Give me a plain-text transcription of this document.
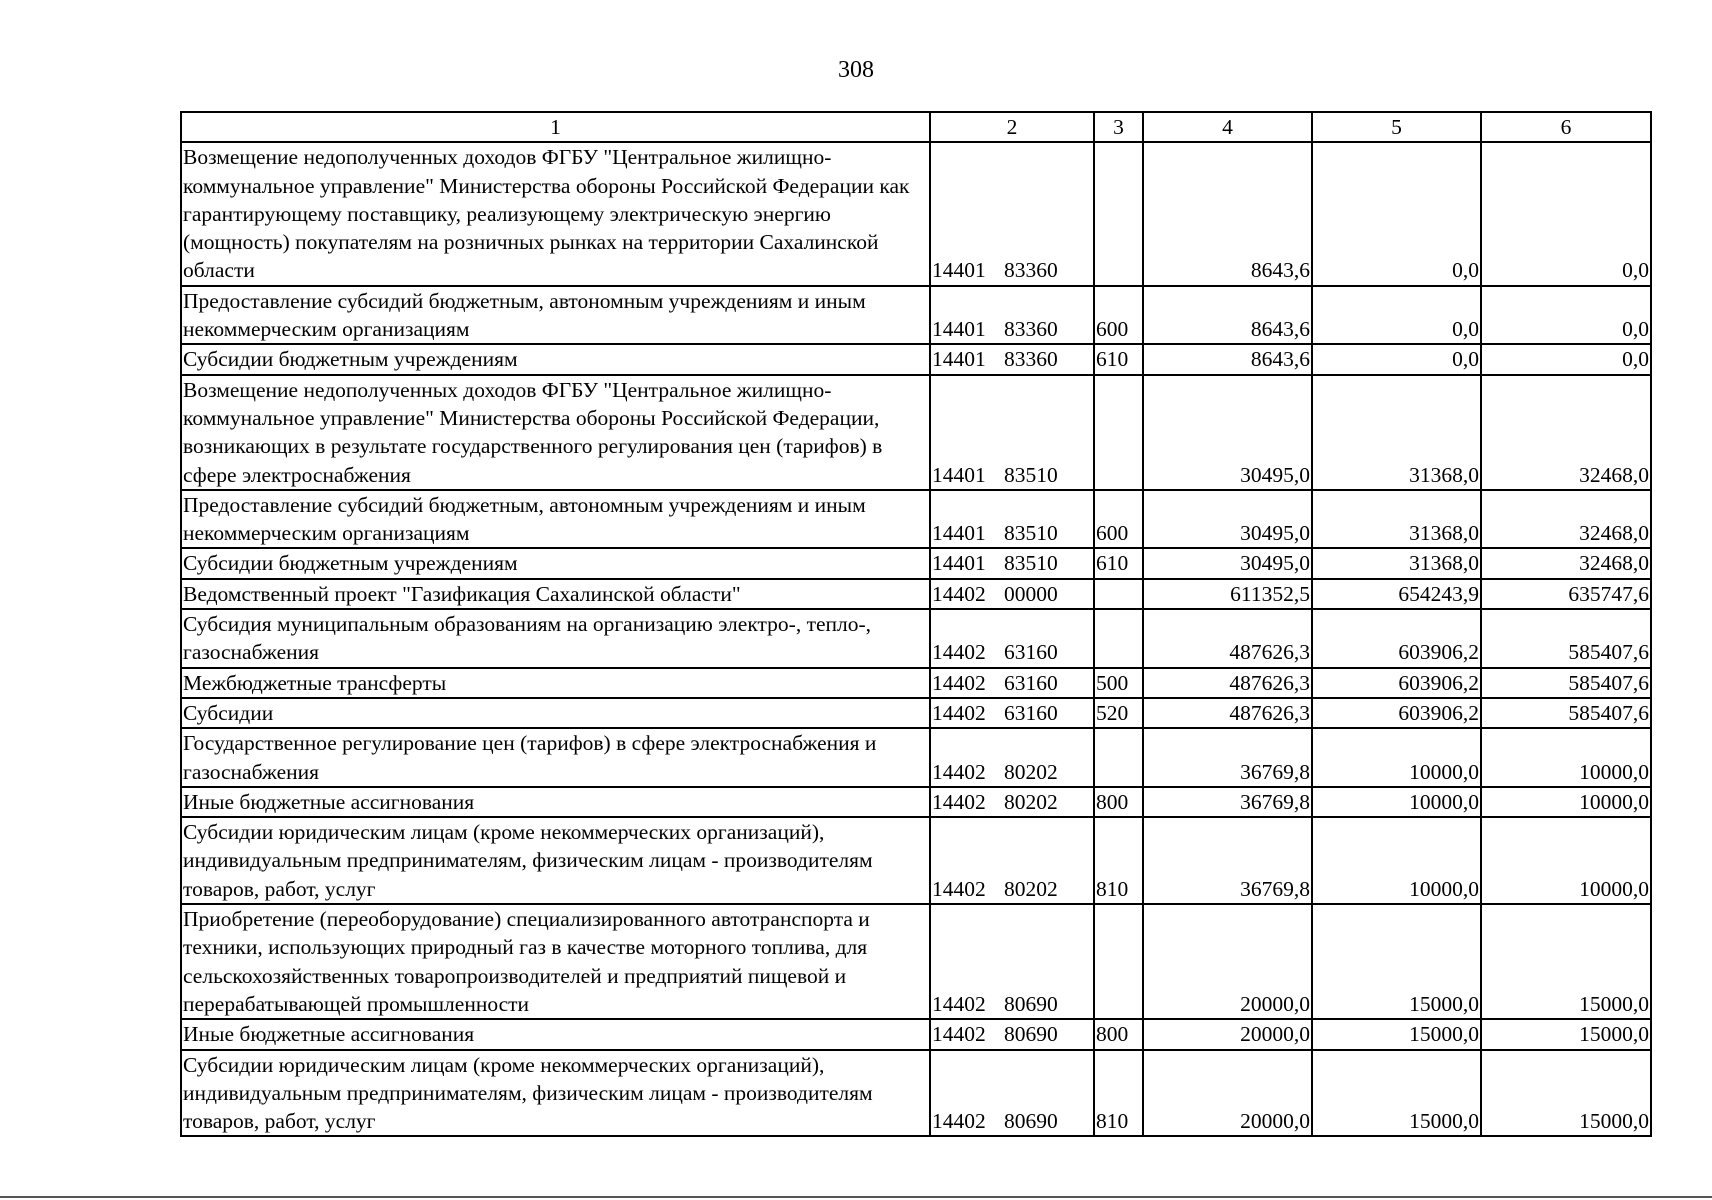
308
1	2	3	4	5	6
Возмещение недополученных доходов ФГБУ "Центральное жилищно-коммунальное управление" Министерства обороны Российской Федерации как гарантирующему поставщику, реализующему электрическую энергию (мощность) покупателям на розничных рынках на территории Сахалинской области	14401 83360		8643,6	0,0	0,0
Предоставление субсидий бюджетным, автономным учреждениям и иным некоммерческим организациям	14401 83360	600	8643,6	0,0	0,0
Субсидии бюджетным учреждениям	14401 83360	610	8643,6	0,0	0,0
Возмещение недополученных доходов ФГБУ "Центральное жилищно-коммунальное управление" Министерства обороны Российской Федерации, возникающих в результате государственного регулирования цен (тарифов) в сфере электроснабжения	14401 83510		30495,0	31368,0	32468,0
Предоставление субсидий бюджетным, автономным учреждениям и иным некоммерческим организациям	14401 83510	600	30495,0	31368,0	32468,0
Субсидии бюджетным учреждениям	14401 83510	610	30495,0	31368,0	32468,0
Ведомственный проект "Газификация Сахалинской области"	14402 00000		611352,5	654243,9	635747,6
Субсидия муниципальным образованиям на организацию электро-, тепло-, газоснабжения	14402 63160		487626,3	603906,2	585407,6
Межбюджетные трансферты	14402 63160	500	487626,3	603906,2	585407,6
Субсидии	14402 63160	520	487626,3	603906,2	585407,6
Государственное регулирование цен (тарифов) в сфере электроснабжения и газоснабжения	14402 80202		36769,8	10000,0	10000,0
Иные бюджетные ассигнования	14402 80202	800	36769,8	10000,0	10000,0
Субсидии юридическим лицам (кроме некоммерческих организаций), индивидуальным предпринимателям, физическим лицам - производителям товаров, работ, услуг	14402 80202	810	36769,8	10000,0	10000,0
Приобретение (переоборудование) специализированного автотранспорта и техники, использующих природный газ в качестве моторного топлива, для сельскохозяйственных товаропроизводителей и предприятий пищевой и перерабатывающей промышленности	14402 80690		20000,0	15000,0	15000,0
Иные бюджетные ассигнования	14402 80690	800	20000,0	15000,0	15000,0
Субсидии юридическим лицам (кроме некоммерческих организаций), индивидуальным предпринимателям, физическим лицам - производителям товаров, работ, услуг	14402 80690	810	20000,0	15000,0	15000,0
